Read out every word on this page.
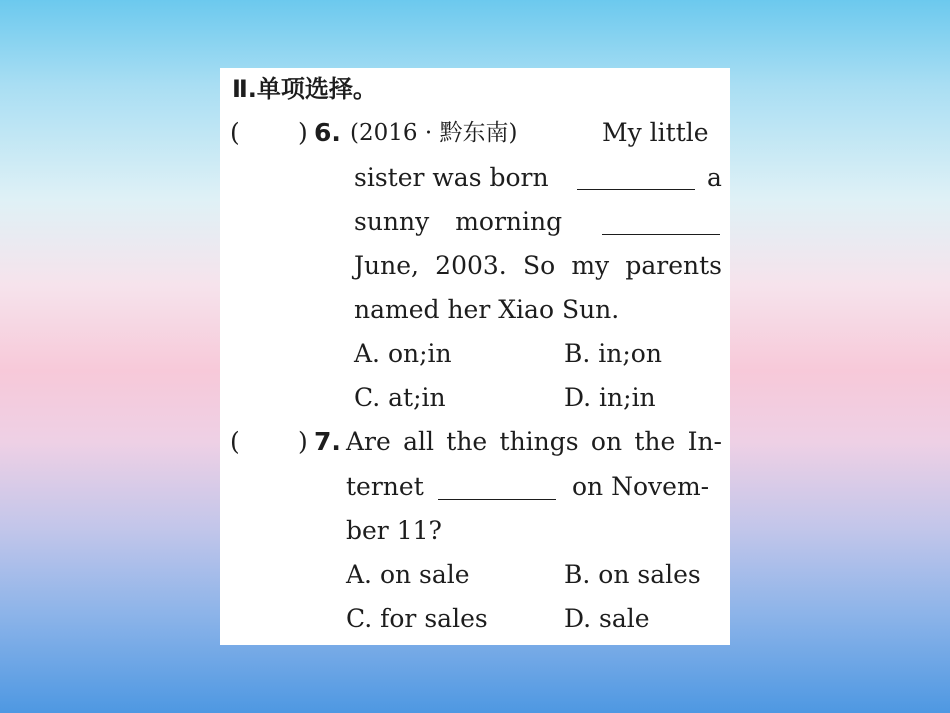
Ⅱ.单项选择。
( ) 6. (2016 · 黔东南)	My little
sister was born	a
sunny morning
June, 2003. So my parents
named her Xiao Sun.
A. on;in	B. in;on
C. at;in	D. in;in
( ) 7. Are all the things on the In-
ternet	on Novem-
ber 11?
A. on sale	B. on sales
C. for sales	D. sale
